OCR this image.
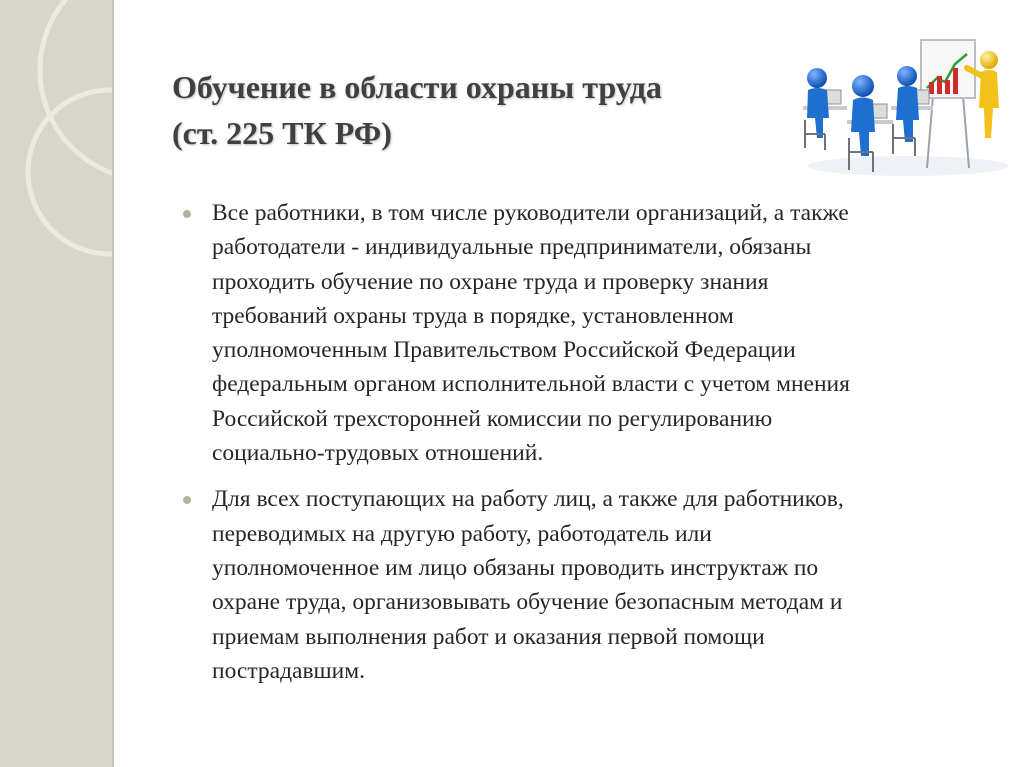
Обучение в области охраны труда
(ст. 225 ТК РФ)
Все работники, в том числе руководители организаций, а также
работодатели - индивидуальные предприниматели, обязаны
проходить обучение по охране труда и проверку знания
требований охраны труда в порядке, установленном
уполномоченным Правительством Российской Федерации
федеральным органом исполнительной власти с учетом мнения
Российской трехсторонней комиссии по регулированию
социально-трудовых отношений.
Для всех поступающих на работу лиц, а также для работников,
переводимых на другую работу, работодатель или
уполномоченное им лицо обязаны проводить инструктаж по
охране труда, организовывать обучение безопасным методам и
приемам выполнения работ и оказания первой помощи
пострадавшим.
